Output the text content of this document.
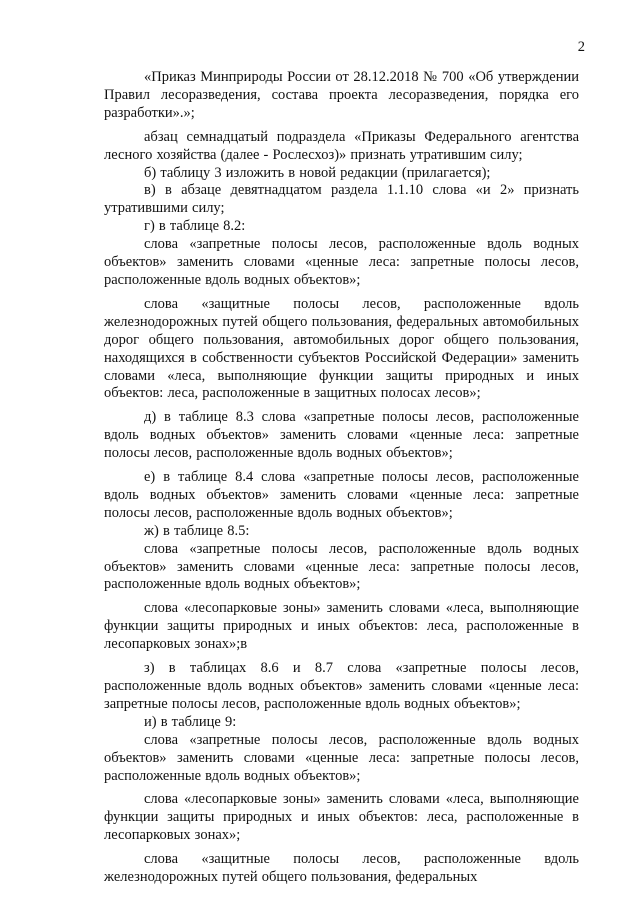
2

«Приказ Минприроды России от 28.12.2018 № 700 «Об утверждении Правил лесоразведения, состава проекта лесоразведения, порядка его разработки».»;

абзац семнадцатый подраздела «Приказы Федерального агентства лесного хозяйства (далее - Рослесхоз)» признать утратившим силу;

б) таблицу 3 изложить в новой редакции (прилагается);

в) в абзаце девятнадцатом раздела 1.1.10 слова «и 2» признать утратившими силу;

г) в таблице 8.2:

слова «запретные полосы лесов, расположенные вдоль водных объектов» заменить словами «ценные леса: запретные полосы лесов, расположенные вдоль водных объектов»;

слова «защитные полосы лесов, расположенные вдоль железнодорожных путей общего пользования, федеральных автомобильных дорог общего пользования, автомобильных дорог общего пользования, находящихся в собственности субъектов Российской Федерации» заменить словами «леса, выполняющие функции защиты природных и иных объектов: леса, расположенные в защитных полосах лесов»;

д) в таблице 8.3 слова «запретные полосы лесов, расположенные вдоль водных объектов» заменить словами «ценные леса: запретные полосы лесов, расположенные вдоль водных объектов»;

е) в таблице 8.4 слова «запретные полосы лесов, расположенные вдоль водных объектов» заменить словами «ценные леса: запретные полосы лесов, расположенные вдоль водных объектов»;

ж) в таблице 8.5:

слова «запретные полосы лесов, расположенные вдоль водных объектов» заменить словами «ценные леса: запретные полосы лесов, расположенные вдоль водных объектов»;

слова «лесопарковые зоны» заменить словами «леса, выполняющие функции защиты природных и иных объектов: леса, расположенные в лесопарковых зонах»;в

з) в таблицах 8.6 и 8.7 слова «запретные полосы лесов, расположенные вдоль водных объектов» заменить словами «ценные леса: запретные полосы лесов, расположенные вдоль водных объектов»;

и) в таблице 9:

слова «запретные полосы лесов, расположенные вдоль водных объектов» заменить словами «ценные леса: запретные полосы лесов, расположенные вдоль водных объектов»;

слова «лесопарковые зоны» заменить словами «леса, выполняющие функции защиты природных и иных объектов: леса, расположенные в лесопарковых зонах»;

слова «защитные полосы лесов, расположенные вдоль железнодорожных путей общего пользования, федеральных
